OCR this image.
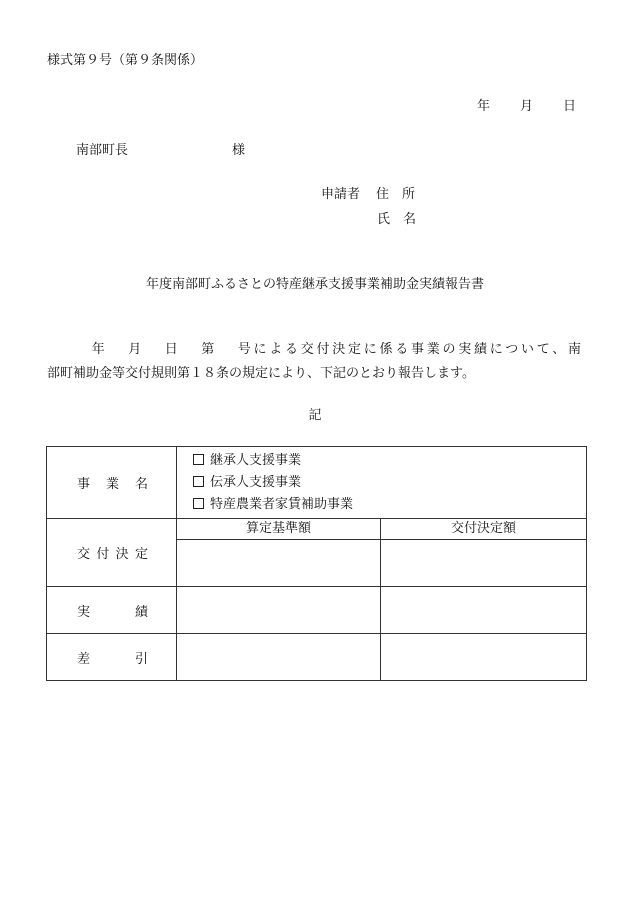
様式第９号（第９条関係）
年 月 日
南部町長	様
申請者 住　所
氏　名
年度南部町ふるさとの特産継承支援事業補助金実績報告書
年 月 日 第 号による交付決定に係る事業の実績について、南
部町補助金等交付規則第１８条の規定により、下記のとおり報告します。
記
事業名	継承人支援事業
伝承人支援事業
特産農業者家賃補助事業	

交付決定	算定基準額	交付決定額

実績		
差引		
